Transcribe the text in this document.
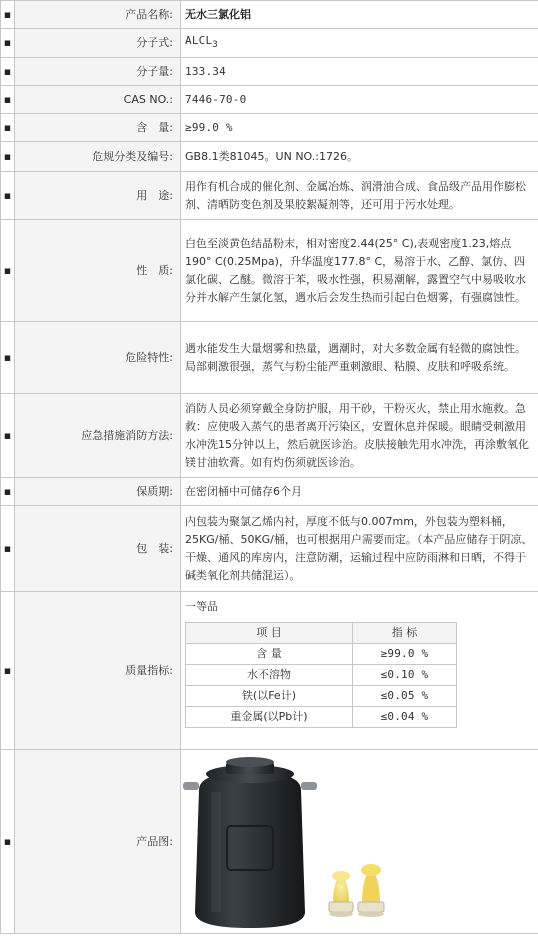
▪	产品名称:	无水三氯化铝
▪	分子式:	$ALCL_3$
▪	分子量:	133.34
▪	CAS NO.:	7446-70-0
▪	含　量:	≥99.0 %
▪	危规分类及编号:	GB8.1类81045。UN NO.:1726。
▪	用　途:	用作有机合成的催化剂、金属冶炼、润滑油合成、食品级产品用作膨松剂、清晒防变色剂及果胶絮凝剂等，还可用于污水处理。
▪	性　质:	白色至淡黄色结晶粉末，相对密度2.44(25° C),表观密度1.23,熔点190° C(0.25Mpa)，升华温度177.8° C，易溶于水、乙醇、氯仿、四氯化碳、乙醚。微溶于苯，吸水性强，积易潮解，露置空气中易吸收水分并水解产生氯化氢，遇水后会发生热而引起白色烟雾，有强腐蚀性。
▪	危险特性:	遇水能发生大量烟雾和热量，遇潮时，对大多数金属有轻微的腐蚀性。局部刺激很强，蒸气与粉尘能严重刺激眼、粘膜、皮肤和呼吸系统。
▪	应急措施消防方法:	消防人员必须穿戴全身防护服，用干砂，干粉灭火，禁止用水施救。急救：应使吸入蒸气的患者离开污染区，安置休息并保暖。眼睛受刺激用水冲洗15分钟以上，然后就医诊治。皮肤接触先用水冲洗，再涂敷氧化镁甘油软膏。如有灼伤须就医诊治。
▪	保质期:	在密闭桶中可储存6个月
▪	包　装:	内包装为聚氯乙烯内衬，厚度不低与0.007mm，外包装为塑料桶，25KG/桶、50KG/桶，也可根据用户需要而定。（本产品应储存于阴凉、干燥、通风的库房内，注意防潮，运输过程中应防雨淋和日晒，不得于碱类氧化剂共储混运）。
▪	质量指标:	
一等品
项 目	指 标
含 量	≥99.0 %
水不溶物	≤0.10 %
铁(以Fe计)	≤0.05 %
重金属(以Pb计)	≤0.04 %

▪	产品图:	
